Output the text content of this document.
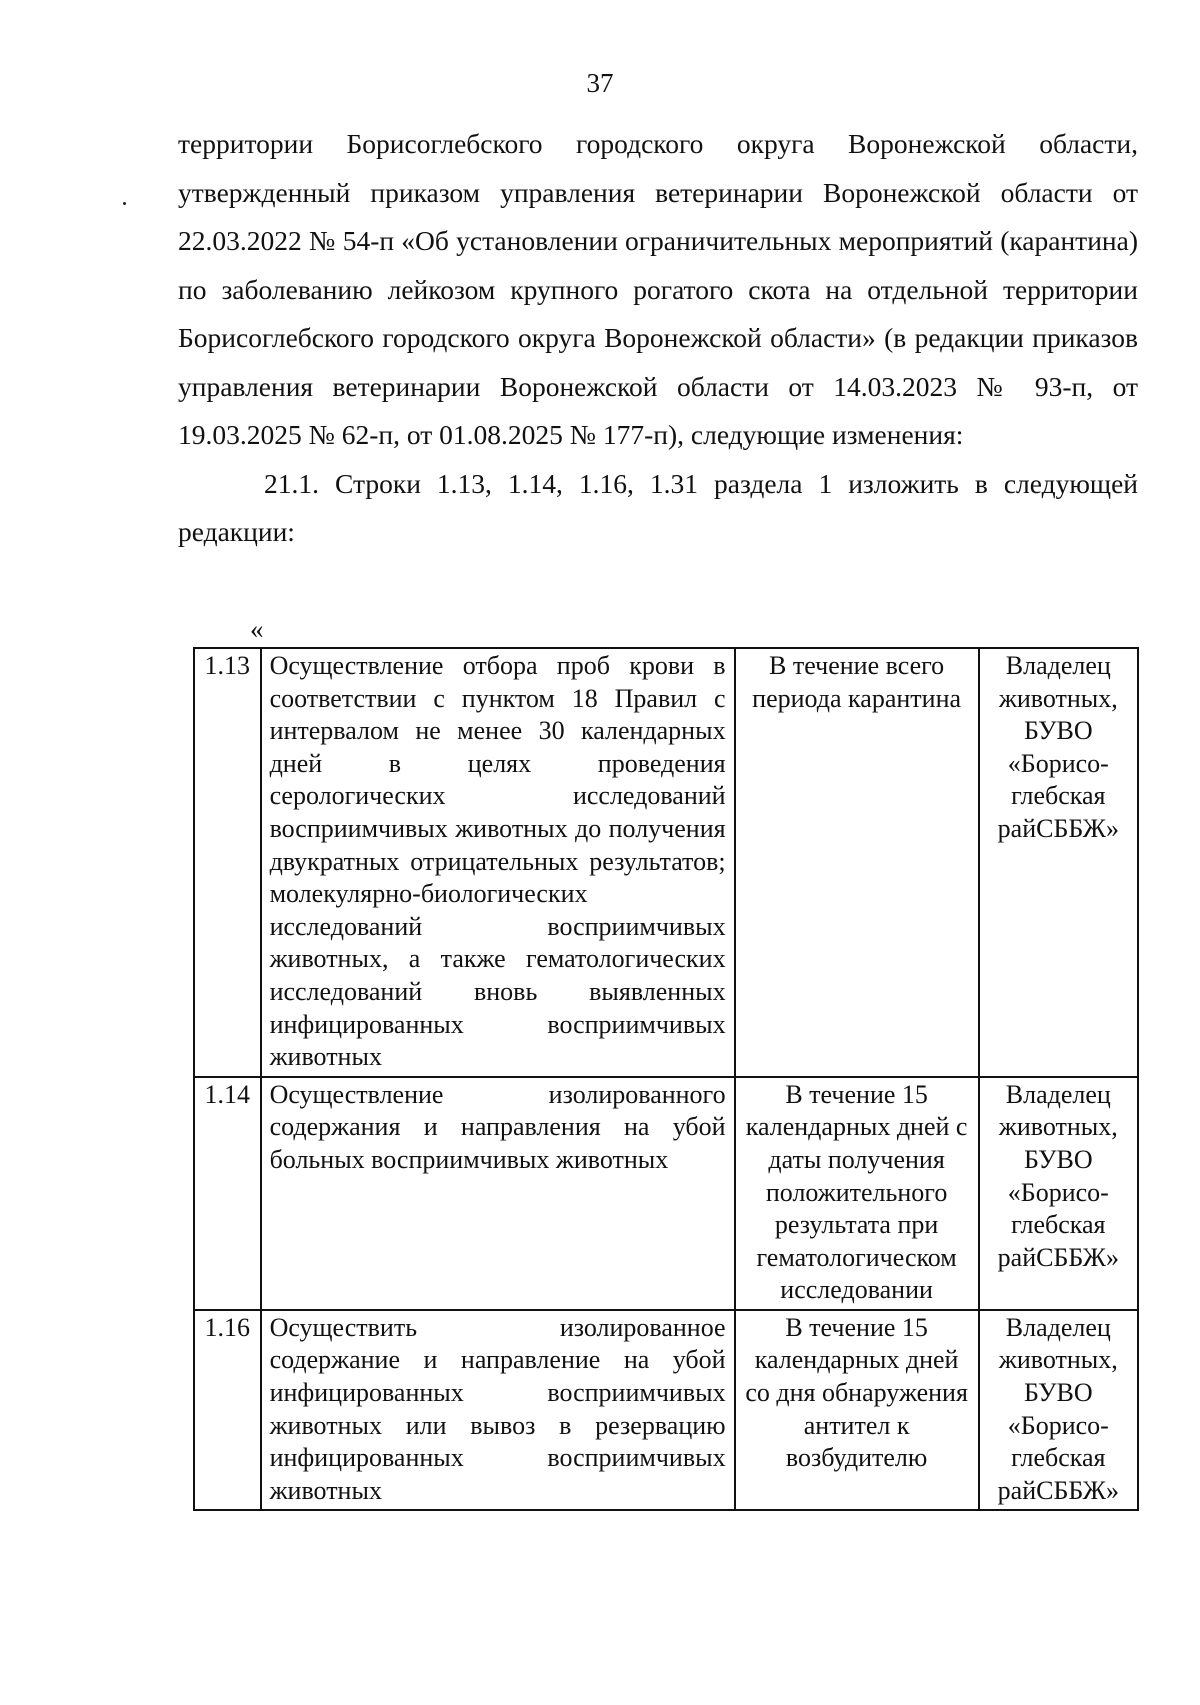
37

территории Борисоглебского городского округа Воронежской области, утвержденный приказом управления ветеринарии Воронежской области от 22.03.2022 № 54-п «Об установлении ограничительных мероприятий (карантина) по заболеванию лейкозом крупного рогатого скота на отдельной территории Борисоглебского городского округа Воронежской области» (в редакции приказов управления ветеринарии Воронежской области от 14.03.2023 № 93-п, от 19.03.2025 № 62-п, от 01.08.2025 № 177-п), следующие изменения:

21.1. Строки 1.13, 1.14, 1.16, 1.31 раздела 1 изложить в следующей редакции:

«
1.13	Осуществление отбора проб крови в соответствии с пунктом 18 Правил с интервалом не менее 30 календарных дней в целях проведения серологических исследований восприимчивых животных до получения двукратных отрицательных результатов; молекулярно-биологических исследований восприимчивых животных, а также гематологических исследований вновь выявленных инфицированных восприимчивых животных	В течение всего периода карантина	Владелец животных, БУВО «Борисо-глебская райСББЖ»
1.14	Осуществление изолированного содержания и направления на убой больных восприимчивых животных	В течение 15 календарных дней с даты получения положительного результата при гематологическом исследовании	Владелец животных, БУВО «Борисо-глебская райСББЖ»
1.16	Осуществить изолированное содержание и направление на убой инфицированных восприимчивых животных или вывоз в резервацию инфицированных восприимчивых животных	В течение 15 календарных дней со дня обнаружения антител к возбудителю	Владелец животных, БУВО «Борисо-глебская райСББЖ»
